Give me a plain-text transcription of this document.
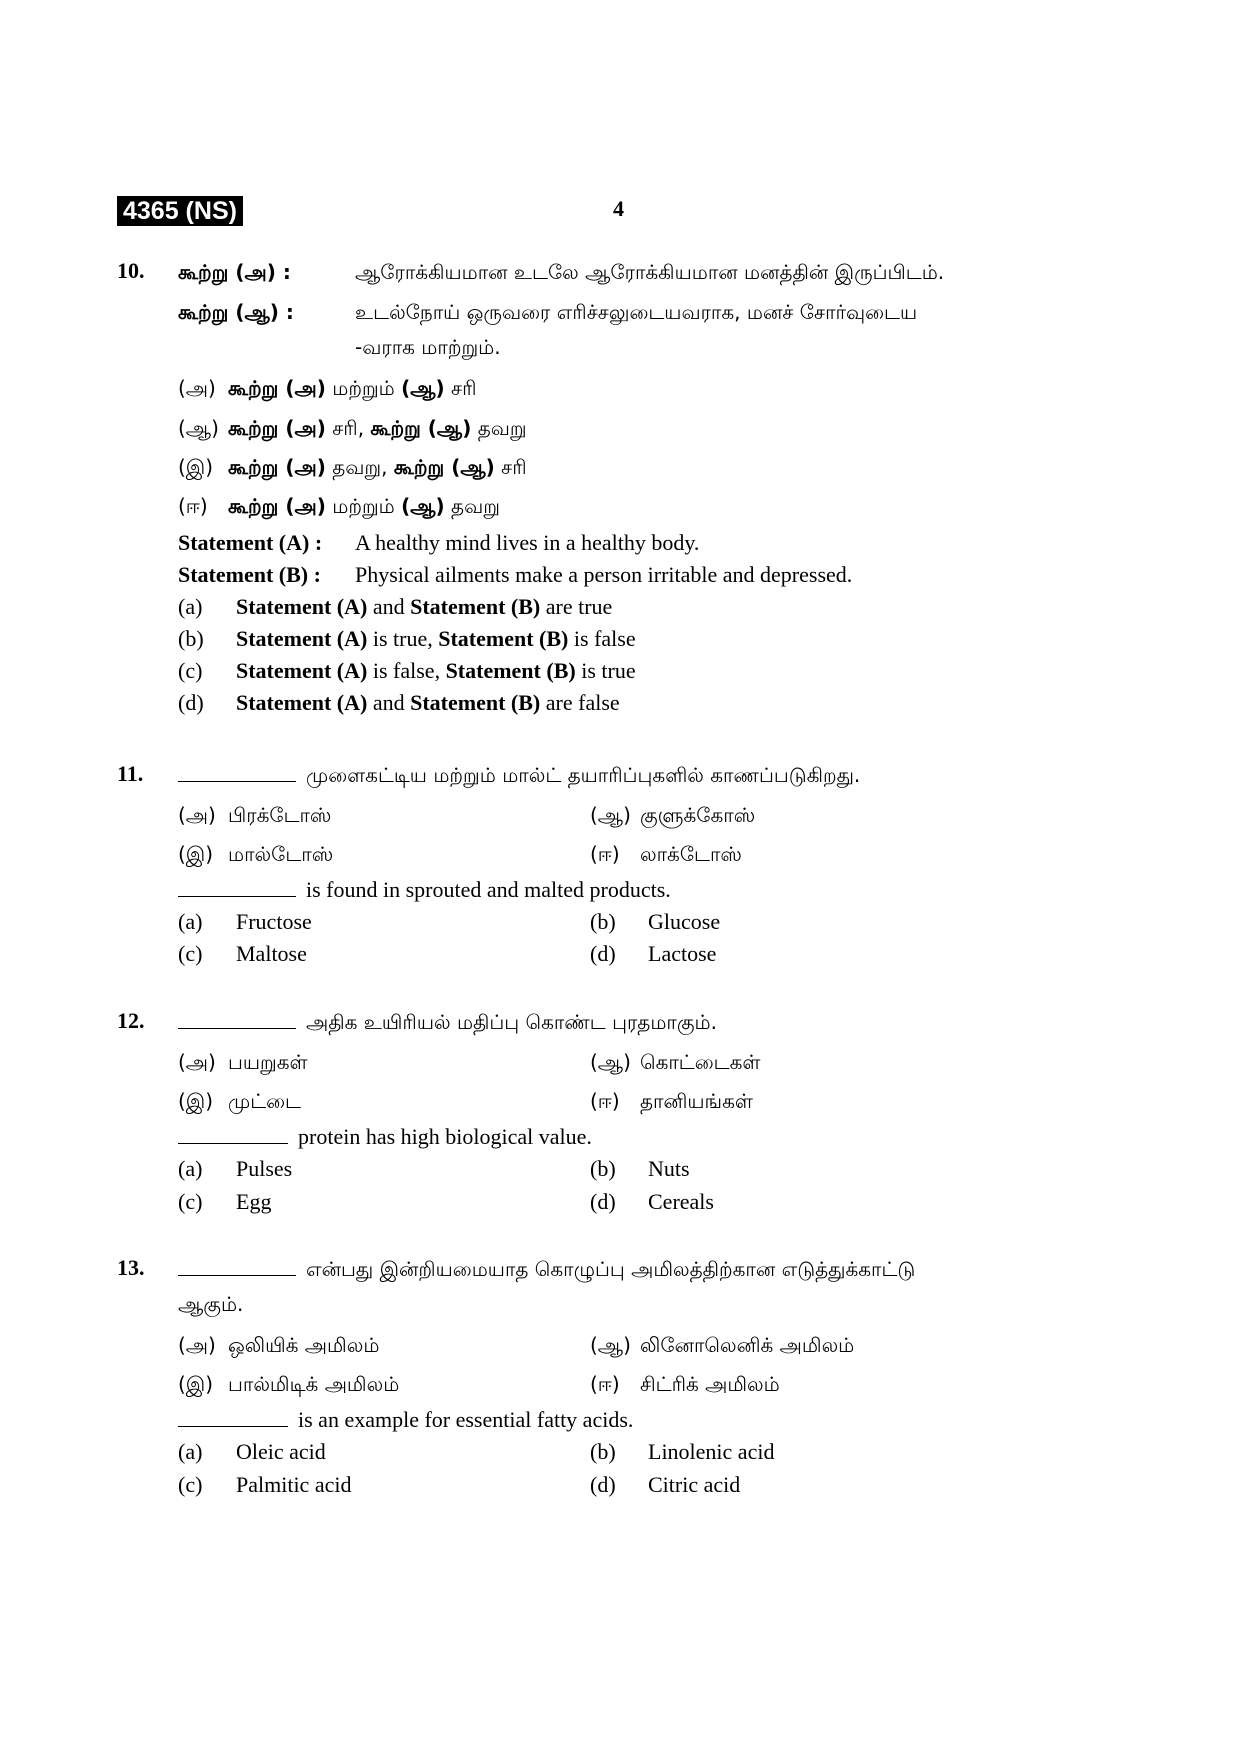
4365 (NS)	4
10. கூற்று (அ) :	ஆரோக்கியமான உடலே ஆரோக்கியமான மனத்தின் இருப்பிடம்.
கூற்று (ஆ) :	உடல்நோய் ஒருவரை எரிச்சலுடையவராக, மனச் சோர்வுடைய
-வராக மாற்றும்.
(அ) கூற்று (அ) மற்றும் (ஆ) சரி
(ஆ) கூற்று (அ) சரி, கூற்று (ஆ) தவறு
(இ) கூற்று (அ) தவறு, கூற்று (ஆ) சரி
(ஈ) கூற்று (அ) மற்றும் (ஆ) தவறு
Statement (A) : A healthy mind lives in a healthy body.
Statement (B) : Physical ailments make a person irritable and depressed.
(a) Statement (A) and Statement (B) are true
(b) Statement (A) is true, Statement (B) is false
(c) Statement (A) is false, Statement (B) is true
(d) Statement (A) and Statement (B) are false
11.	முளைகட்டிய மற்றும் மால்ட் தயாரிப்புகளில் காணப்படுகிறது.
(அ) பிரக்டோஸ்	(ஆ) குளுக்கோஸ்
(இ) மால்டோஸ்	(ஈ) லாக்டோஸ்
is found in sprouted and malted products.
(a) Fructose	(b) Glucose
(c) Maltose	(d) Lactose
12.	அதிக உயிரியல் மதிப்பு கொண்ட புரதமாகும்.
(அ) பயறுகள்	(ஆ) கொட்டைகள்
(இ) முட்டை	(ஈ) தானியங்கள்
protein has high biological value.
(a) Pulses	(b) Nuts
(c) Egg	(d) Cereals
13.	என்பது இன்றியமையாத கொழுப்பு அமிலத்திற்கான எடுத்துக்காட்டு
ஆகும்.
(அ) ஒலியிக் அமிலம்	(ஆ) லினோலெனிக் அமிலம்
(இ) பால்மிடிக் அமிலம்	(ஈ) சிட்ரிக் அமிலம்
is an example for essential fatty acids.
(a) Oleic acid	(b) Linolenic acid
(c) Palmitic acid	(d) Citric acid
